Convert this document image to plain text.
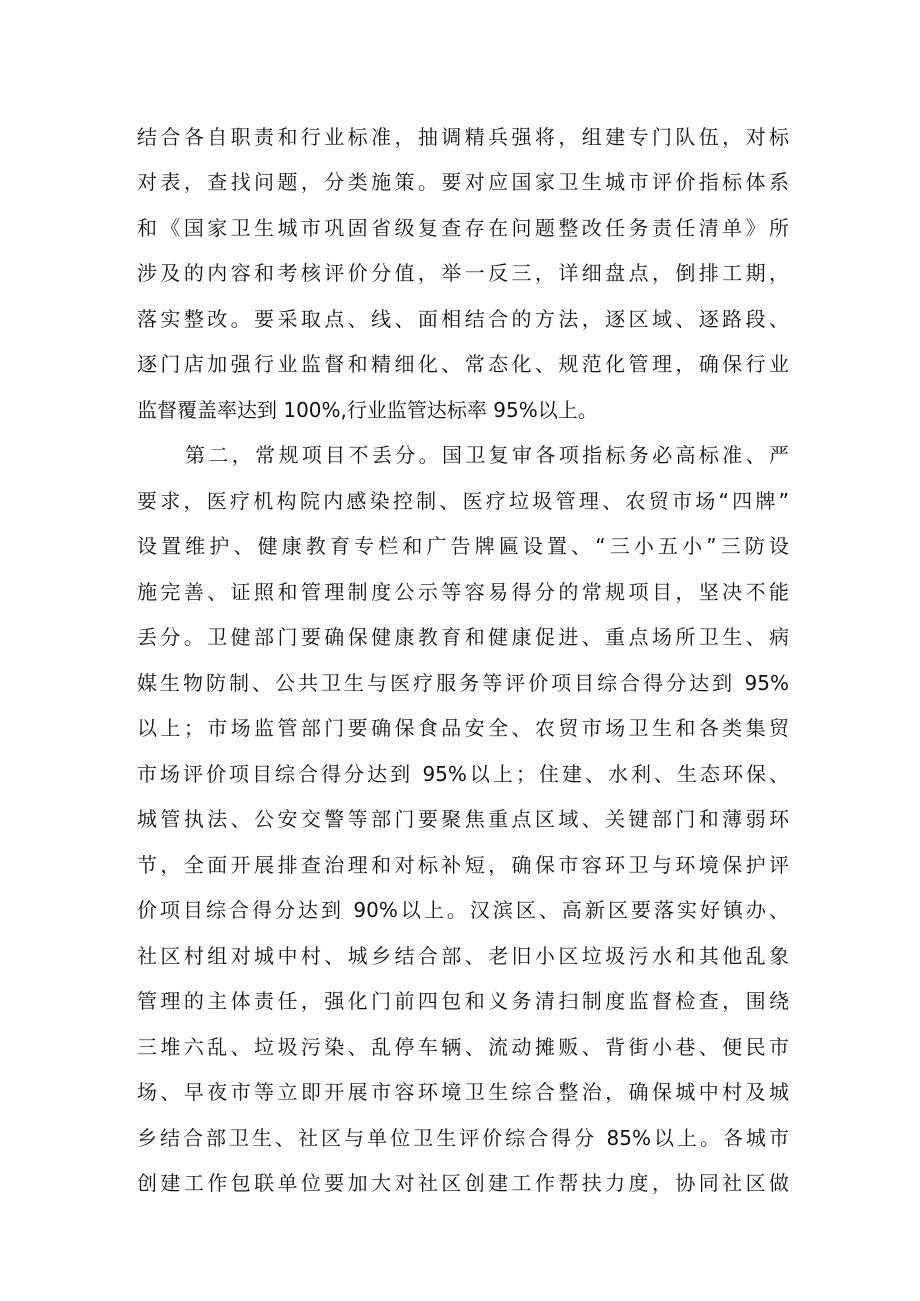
结合各自职责和行业标准，抽调精兵强将，组建专门队伍，对标
对表，查找问题，分类施策。要对应国家卫生城市评价指标体系
和《国家卫生城市巩固省级复查存在问题整改任务责任清单》所
涉及的内容和考核评价分值，举一反三，详细盘点，倒排工期，
落实整改。要采取点、线、面相结合的方法，逐区域、逐路段、
逐门店加强行业监督和精细化、常态化、规范化管理，确保行业
监督覆盖率达到 100%,行业监管达标率 95%以上。
第二，常规项目不丢分。国卫复审各项指标务必高标准、严
要求，医疗机构院内感染控制、医疗垃圾管理、农贸市场“四牌”
设置维护、健康教育专栏和广告牌匾设置、“三小五小”三防设
施完善、证照和管理制度公示等容易得分的常规项目，坚决不能
丢分。卫健部门要确保健康教育和健康促进、重点场所卫生、病
媒生物防制、公共卫生与医疗服务等评价项目综合得分达到 95%
以上；市场监管部门要确保食品安全、农贸市场卫生和各类集贸
市场评价项目综合得分达到 95%以上；住建、水利、生态环保、
城管执法、公安交警等部门要聚焦重点区域、关键部门和薄弱环
节，全面开展排查治理和对标补短，确保市容环卫与环境保护评
价项目综合得分达到 90%以上。汉滨区、高新区要落实好镇办、
社区村组对城中村、城乡结合部、老旧小区垃圾污水和其他乱象
管理的主体责任，强化门前四包和义务清扫制度监督检查，围绕
三堆六乱、垃圾污染、乱停车辆、流动摊贩、背街小巷、便民市
场、早夜市等立即开展市容环境卫生综合整治，确保城中村及城
乡结合部卫生、社区与单位卫生评价综合得分 85%以上。各城市
创建工作包联单位要加大对社区创建工作帮扶力度，协同社区做
